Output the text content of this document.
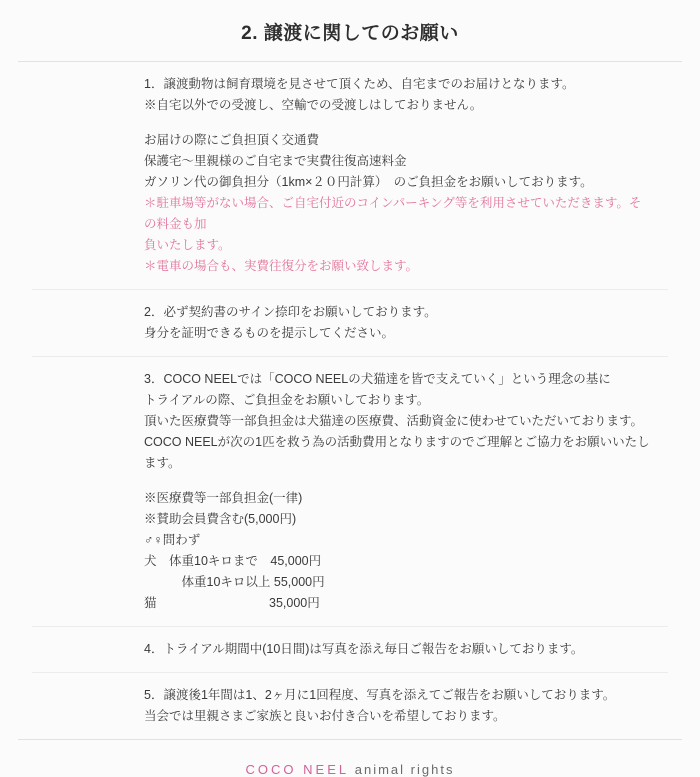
2. 譲渡に関してのお願い
1．譲渡動物は飼育環境を見させて頂くため、自宅までのお届けとなります。
※自宅以外での受渡し、空輸での受渡しはしておりません。
お届けの際にご負担頂く交通費
保護宅～里親様のご自宅まで実費往復高速料金
ガソリン代の御負担分（1km×２０円計算）　のご負担金をお願いしております。
＊駐車場等がない場合、ご自宅付近のコインパーキング等を利用させていただきます。その料金も加
負いたします。
＊電車の場合も、実費往復分をお願い致します。
2．必ず契約書のサイン捺印をお願いしております。
身分を証明できるものを提示してください。
3．COCO NEELでは「COCO NEELの犬猫達を皆で支えていく」という理念の基に
トライアルの際、ご負担金をお願いしております。
頂いた医療費等一部負担金は犬猫達の医療費、活動資金に使わせていただいております。
COCO NEELが次の1匹を救う為の活動費用となりますのでご理解とご協力をお願いいたします。
※医療費等一部負担金(一律)
※賛助会員費含む(5,000円)
♂♀問わず
犬　体重10キロまで　45,000円
　　　体重10キロ以上 55,000円
猫　　　　　　　　　35,000円
4．トライアル期間中(10日間)は写真を添え毎日ご報告をお願いしております。
5．譲渡後1年間は1、2ヶ月に1回程度、写真を添えてご報告をお願いしております。
当会では里親さまご家族と良いお付き合いを希望しております。
COCO NEEL animal rights
